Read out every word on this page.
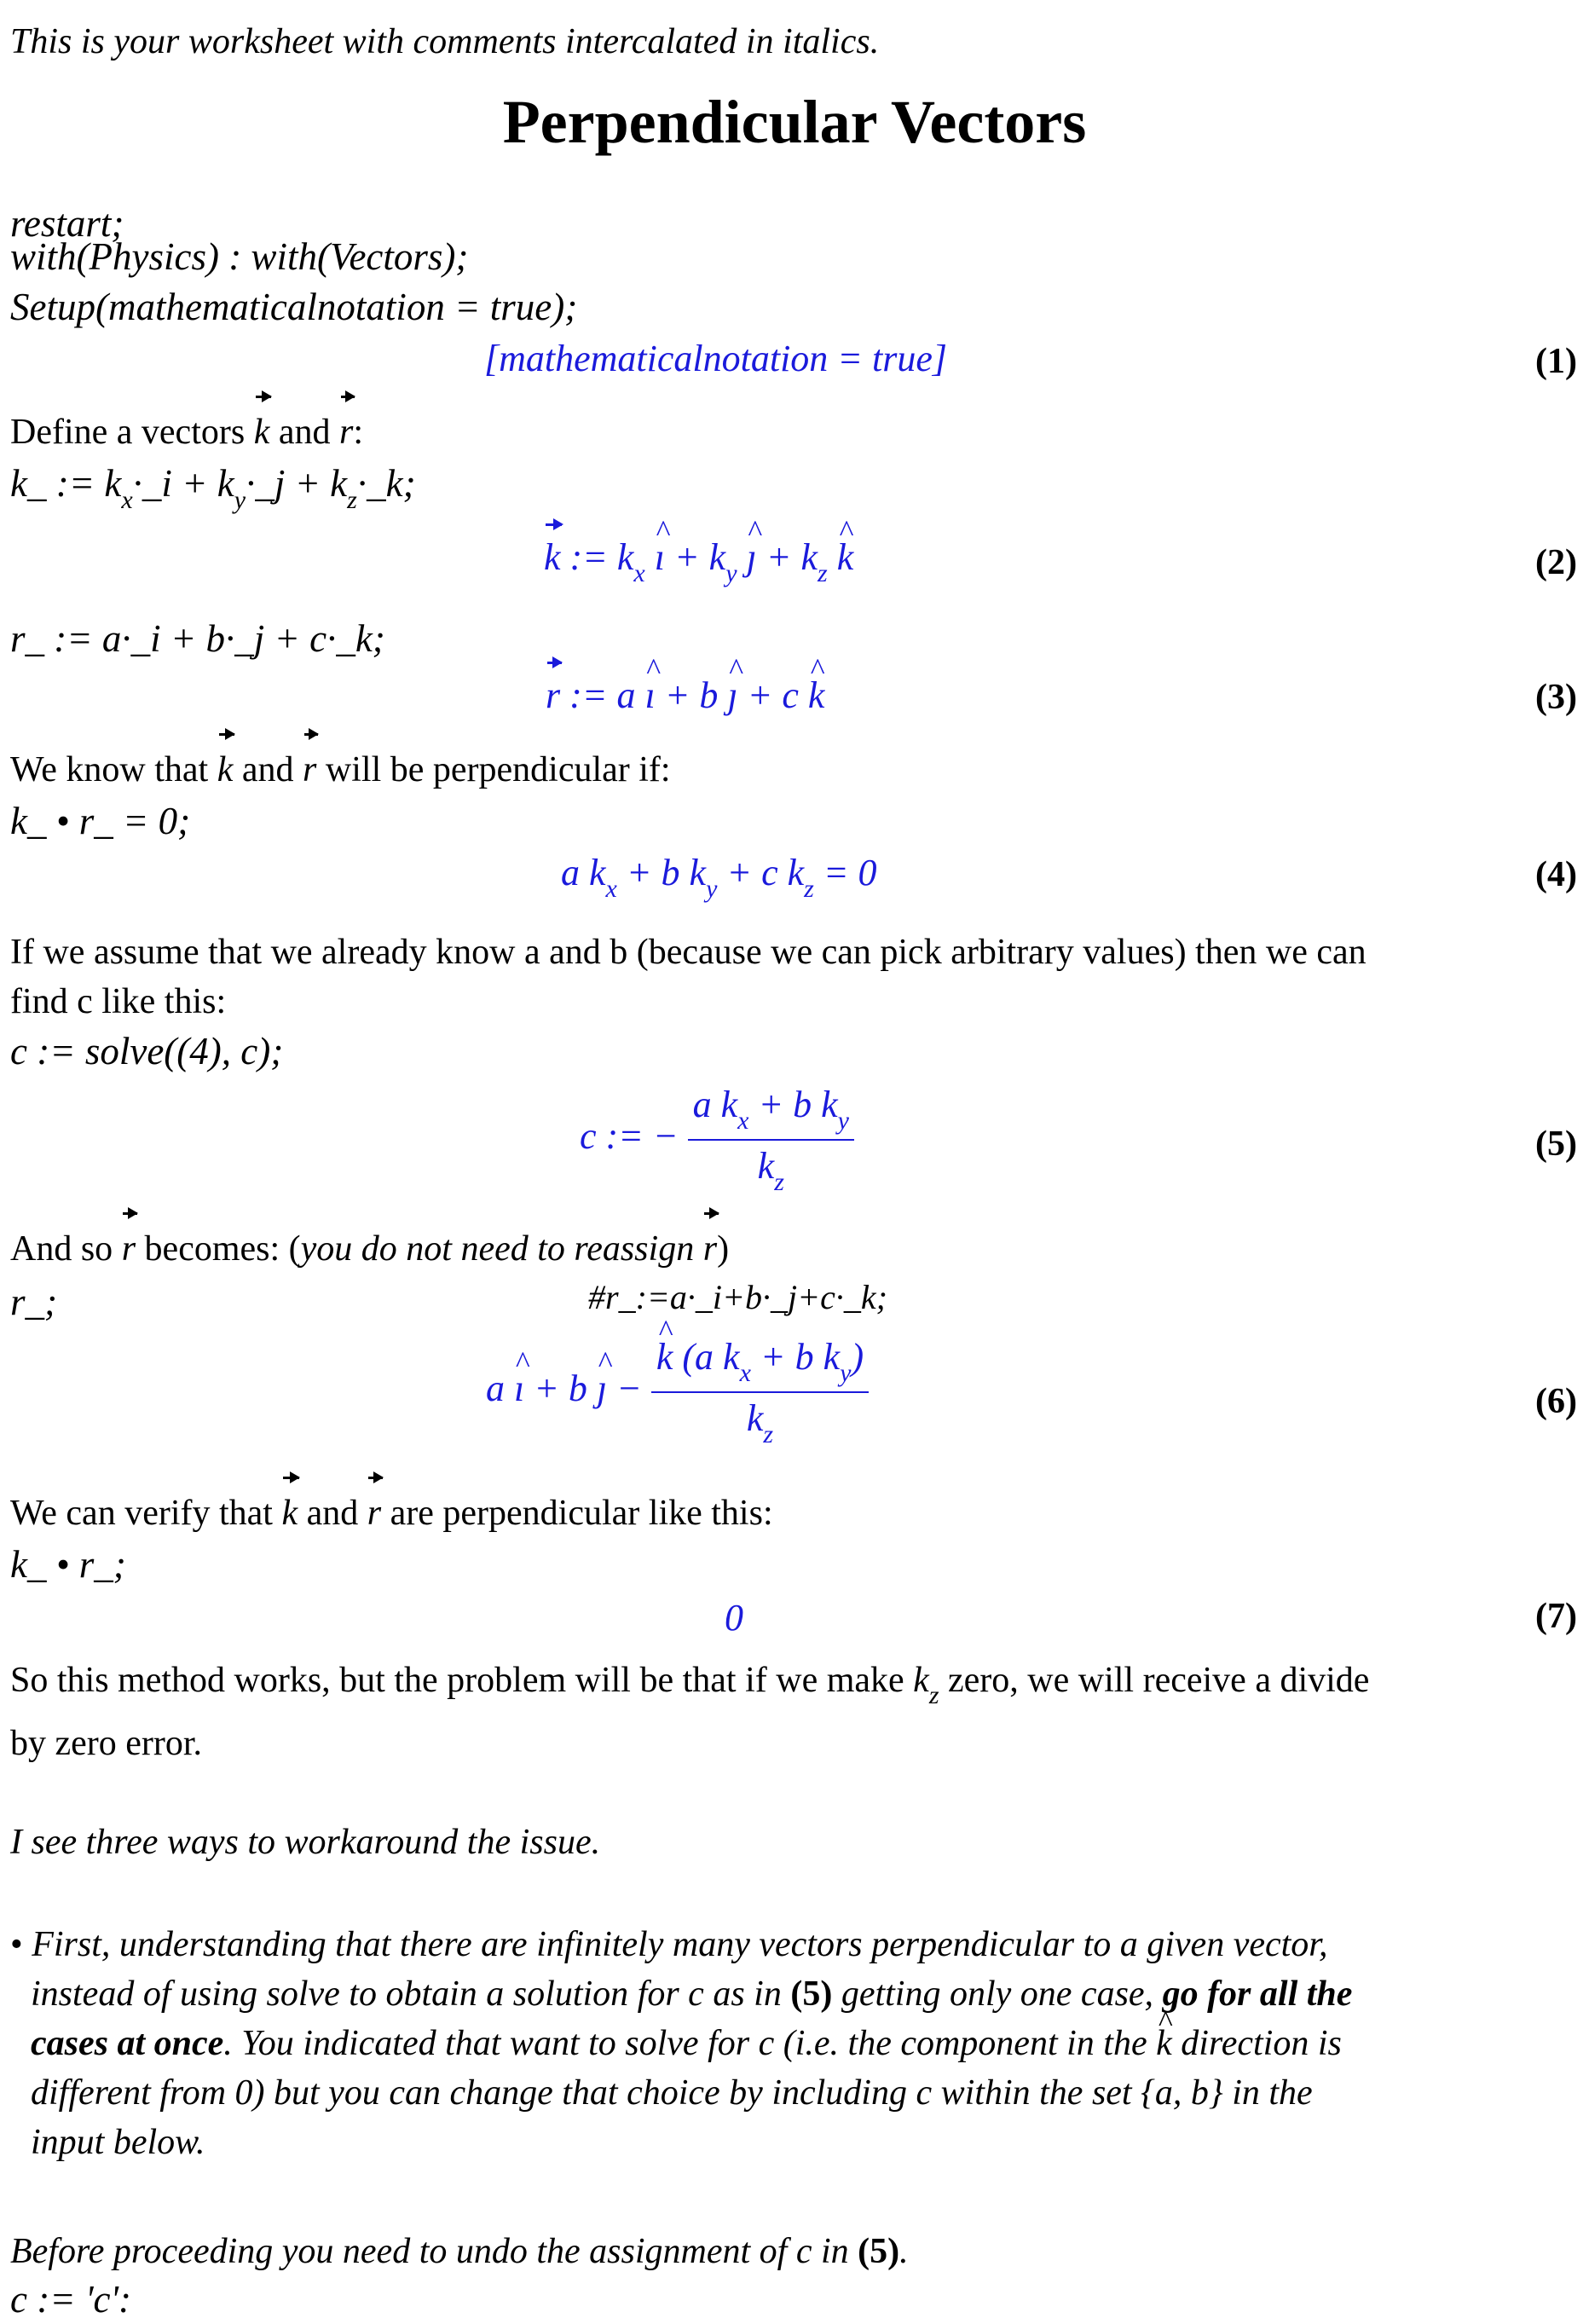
This is your worksheet with comments intercalated in italics.
Perpendicular Vectors
restart;
with(Physics) : with(Vectors);
Setup(mathematicalnotation = true);
[mathematicalnotation = true]	(1)
Define a vectors k and r:
k_ := $k_x\cdot\_i$ + $k_y\cdot\_j$ + $k_z\cdot\_k$;
k := $k_x$ ^ ı + $k_y$ ^ ȷ + $k_z$ ^ k	(2)
r_ := a·_i + b·_j + c·_k;
r := a ^ ı + b ^ ȷ + c ^ k	(3)
We know that k and r will be perpendicular if:
k_ • r_ = 0;
a $k_x + b$ $k_y + c$ $k_z = 0$	(4)
If we assume that we already know a and b (because we can pick arbitrary values) then we can
find c like this:
c := solve((4), c);
c := − $\frac{a k_x + b k_y}{k_z}$	(5)
And so r becomes: (you do not need to reassign r)
r_;	#r_:=a·_i+b·_j+c·_k;
a ^ ı + b ^ ȷ − ^ $\frac{k (a k_x + b k_y)}{k_z}$	(6)
We can verify that k and r are perpendicular like this:
k_ • r_;
0	(7)
So this method works, but the problem will be that if we make $k_z$ zero, we will receive a divide
by zero error.
I see three ways to workaround the issue.
• First, understanding that there are infinitely many vectors perpendicular to a given vector,
instead of using solve to obtain a solution for c as in (5) getting only one case, go for all the
cases at once. You indicated that want to solve for c (i.e. the component in the ^ k direction is
different from 0) but you can change that choice by including c within the set {a, b} in the
input below.
Before proceeding you need to undo the assignment of c in (5).
c := 'c':
